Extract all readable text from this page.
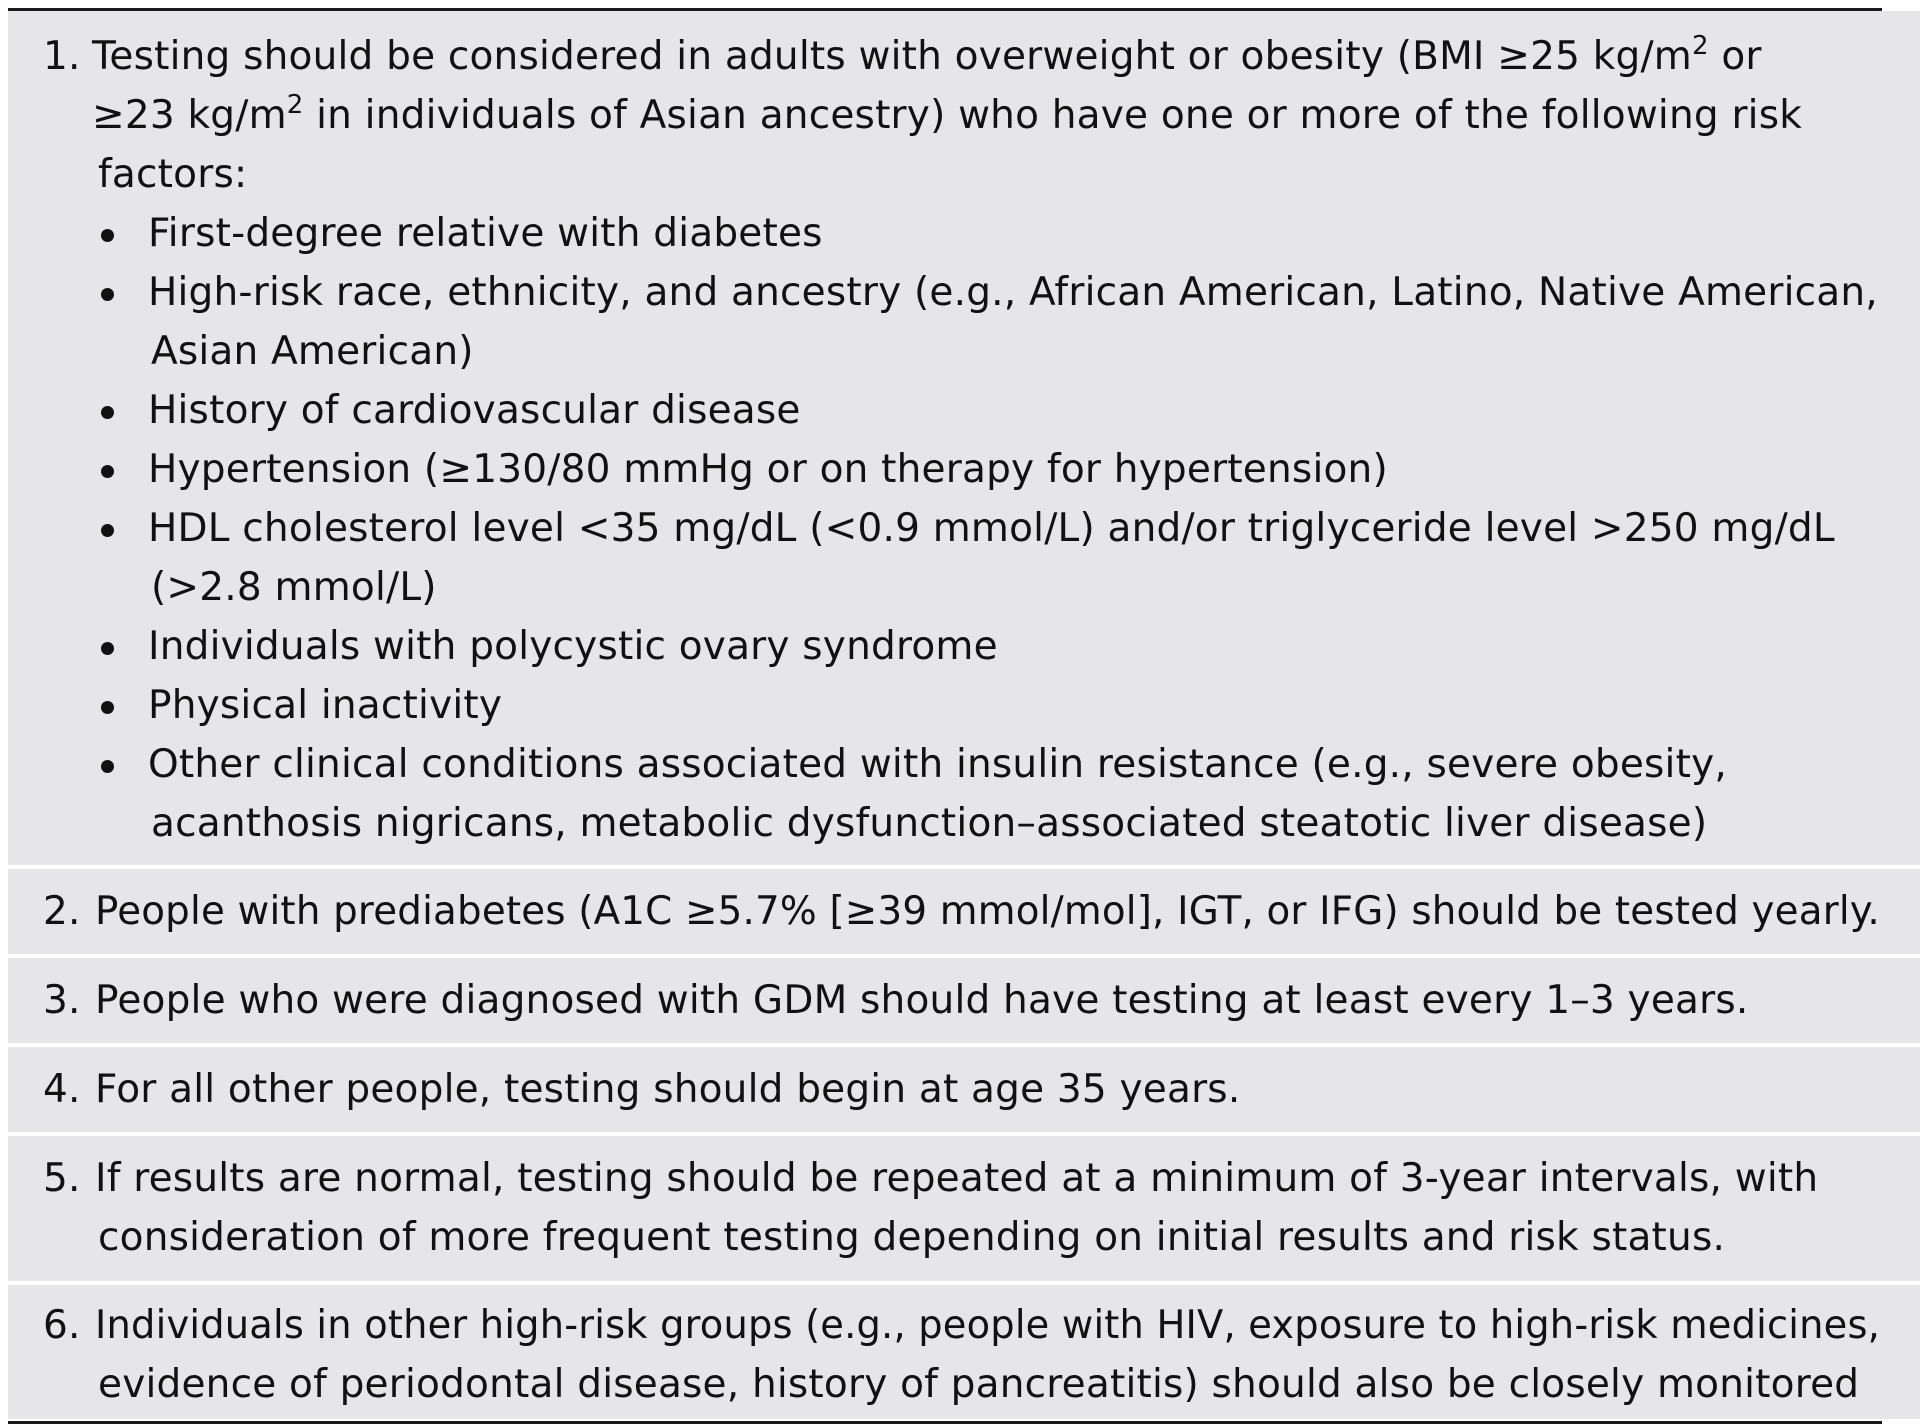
1. Testing should be considered in adults with overweight or obesity (BMI ≥25 $kg/m^2$ or
≥23 $kg/m^2$ in individuals of Asian ancestry) who have one or more of the following risk
factors:
First-degree relative with diabetes
High-risk race, ethnicity, and ancestry (e.g., African American, Latino, Native American,
Asian American)
History of cardiovascular disease
Hypertension (≥130/80 mmHg or on therapy for hypertension)
HDL cholesterol level <35 mg/dL (<0.9 mmol/L) and/or triglyceride level >250 mg/dL
(>2.8 mmol/L)
Individuals with polycystic ovary syndrome
Physical inactivity
Other clinical conditions associated with insulin resistance (e.g., severe obesity,
acanthosis nigricans, metabolic dysfunction–associated steatotic liver disease)
2. People with prediabetes (A1C ≥5.7% [≥39 mmol/mol], IGT, or IFG) should be tested yearly.
3. People who were diagnosed with GDM should have testing at least every 1–3 years.
4. For all other people, testing should begin at age 35 years.
5. If results are normal, testing should be repeated at a minimum of 3-year intervals, with
consideration of more frequent testing depending on initial results and risk status.
6. Individuals in other high-risk groups (e.g., people with HIV, exposure to high-risk medicines,
evidence of periodontal disease, history of pancreatitis) should also be closely monitored
